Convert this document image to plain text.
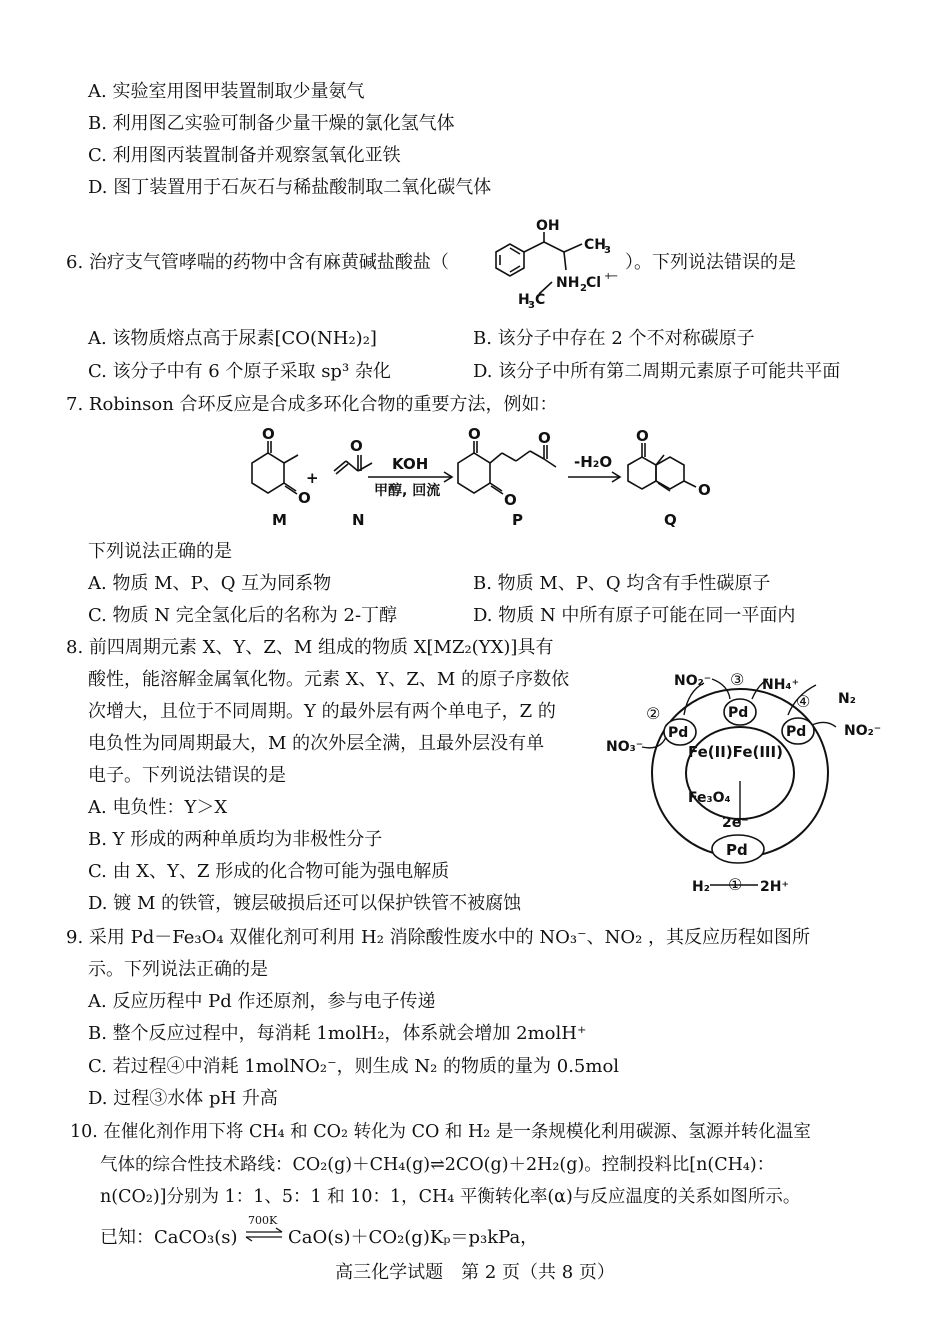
A. 实验室用图甲装置制取少量氨气
B. 利用图乙实验可制备少量干燥的氯化氢气体
C. 利用图丙装置制备并观察氢氧化亚铁
D. 图丁装置用于石灰石与稀盐酸制取二氧化碳气体
6. 治疗支气管哮喘的药物中含有麻黄碱盐酸盐（	）。下列说法错误的是
OH
CH
3
NH 2 Cl +
−
H
3 C
A. 该物质熔点高于尿素[CO(NH₂)₂]	B. 该分子中存在 2 个不对称碳原子
C. 该分子中有 6 个原子采取 sp³ 杂化	D. 该分子中所有第二周期元素原子可能共平面
7. Robinson 合环反应是合成多环化合物的重要方法，例如：
O
O
O
O
O
O	O
O
+
KOH
甲醇, 回流
-H₂O
M	N	P	Q
下列说法正确的是
A. 物质 M、P、Q 互为同系物	B. 物质 M、P、Q 均含有手性碳原子
C. 物质 N 完全氢化后的名称为 2-丁醇	D. 物质 N 中所有原子可能在同一平面内
8. 前四周期元素 X、Y、Z、M 组成的物质 X[MZ₂(YX)]具有
酸性，能溶解金属氧化物。元素 X、Y、Z、M 的原子序数依
次增大，且位于不同周期。Y 的最外层有两个单电子，Z 的
电负性为同周期最大，M 的次外层全满，且最外层没有单
电子。下列说法错误的是
A. 电负性：Y＞X
B. Y 形成的两种单质均为非极性分子
C. 由 X、Y、Z 形成的化合物可能为强电解质
D. 镀 M 的铁管，镀层破损后还可以保护铁管不被腐蚀
Pd
Pd
Pd
Pd
Fe(II)Fe(III)
Fe₃O₄
2e⁻
NO₂⁻	NH₄⁺
N₂
NO₂⁻
NO₃⁻
H₂	2H⁺
①
②
③
④
9. 采用 Pd－Fe₃O₄ 双催化剂可利用 H₂ 消除酸性废水中的 NO₃⁻、NO₂ ，其反应历程如图所
示。下列说法正确的是
A. 反应历程中 Pd 作还原剂，参与电子传递
B. 整个反应过程中，每消耗 1molH₂，体系就会增加 2molH⁺
C. 若过程④中消耗 1molNO₂⁻，则生成 N₂ 的物质的量为 0.5mol
D. 过程③水体 pH 升高
10. 在催化剂作用下将 CH₄ 和 CO₂ 转化为 CO 和 H₂ 是一条规模化利用碳源、氢源并转化温室
气体的综合性技术路线：CO₂(g)＋CH₄(g)⇌2CO(g)＋2H₂(g)。控制投料比[n(CH₄)：
n(CO₂)]分别为 1：1、5：1 和 10：1，CH₄ 平衡转化率(α)与反应温度的关系如图所示。
已知：CaCO₃(s)
700K
⇌ CaO(s)＋CO₂(g)Kₚ＝p₃kPa，
高三化学试题　第 2 页（共 8 页）
